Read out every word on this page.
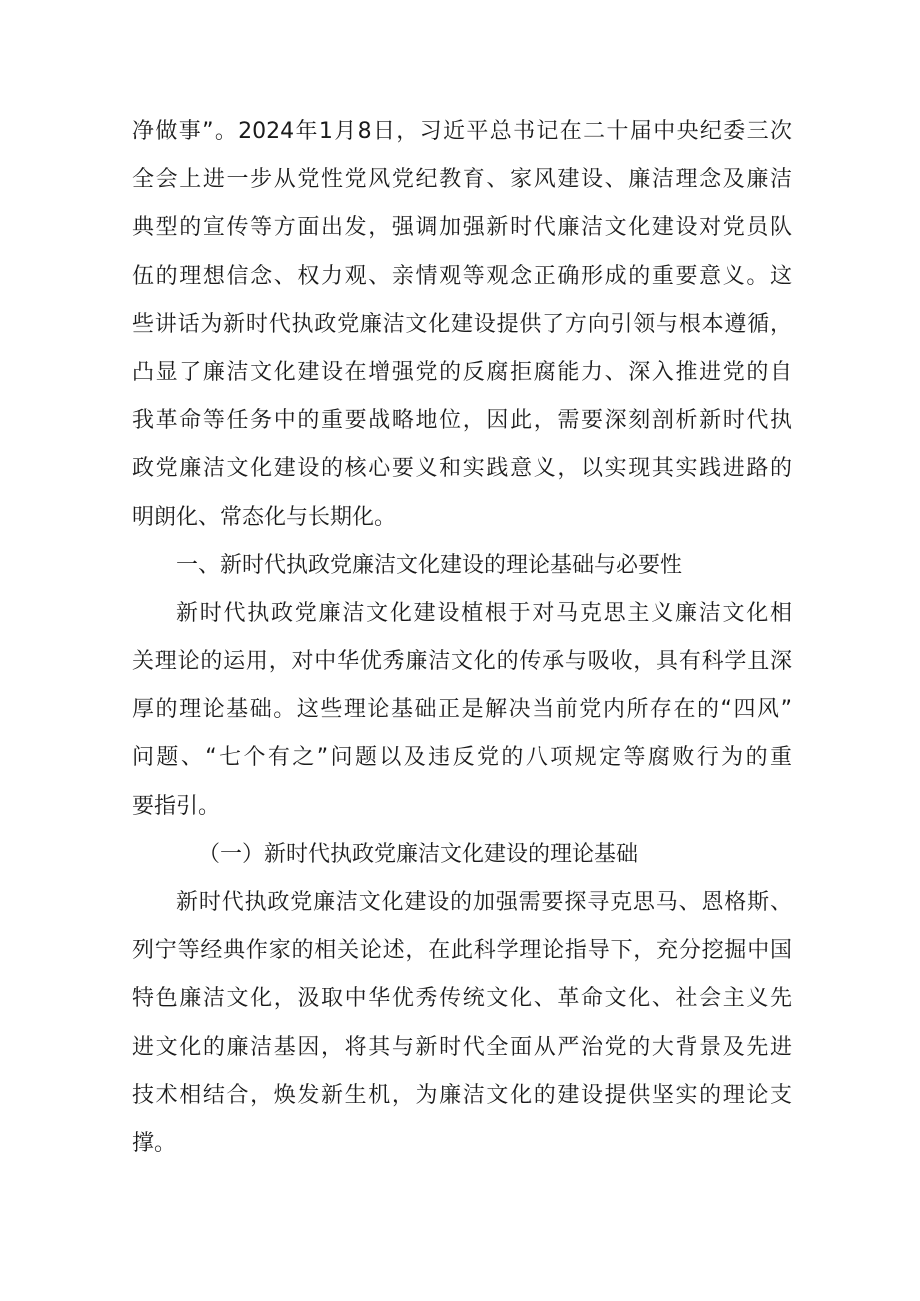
净做事”。2024年1月8日，习近平总书记在二十届中央纪委三次
全会上进一步从党性党风党纪教育、家风建设、廉洁理念及廉洁
典型的宣传等方面出发，强调加强新时代廉洁文化建设对党员队
伍的理想信念、权力观、亲情观等观念正确形成的重要意义。这
些讲话为新时代执政党廉洁文化建设提供了方向引领与根本遵循，
凸显了廉洁文化建设在增强党的反腐拒腐能力、深入推进党的自
我革命等任务中的重要战略地位，因此，需要深刻剖析新时代执
政党廉洁文化建设的核心要义和实践意义，以实现其实践进路的
明朗化、常态化与长期化。
一、新时代执政党廉洁文化建设的理论基础与必要性
新时代执政党廉洁文化建设植根于对马克思主义廉洁文化相
关理论的运用，对中华优秀廉洁文化的传承与吸收，具有科学且深
厚的理论基础。这些理论基础正是解决当前党内所存在的“四风”
问题、“七个有之”问题以及违反党的八项规定等腐败行为的重
要指引。
（一）新时代执政党廉洁文化建设的理论基础
新时代执政党廉洁文化建设的加强需要探寻克思马、恩格斯、
列宁等经典作家的相关论述，在此科学理论指导下，充分挖掘中国
特色廉洁文化，汲取中华优秀传统文化、革命文化、社会主义先
进文化的廉洁基因，将其与新时代全面从严治党的大背景及先进
技术相结合，焕发新生机，为廉洁文化的建设提供坚实的理论支
撑。
